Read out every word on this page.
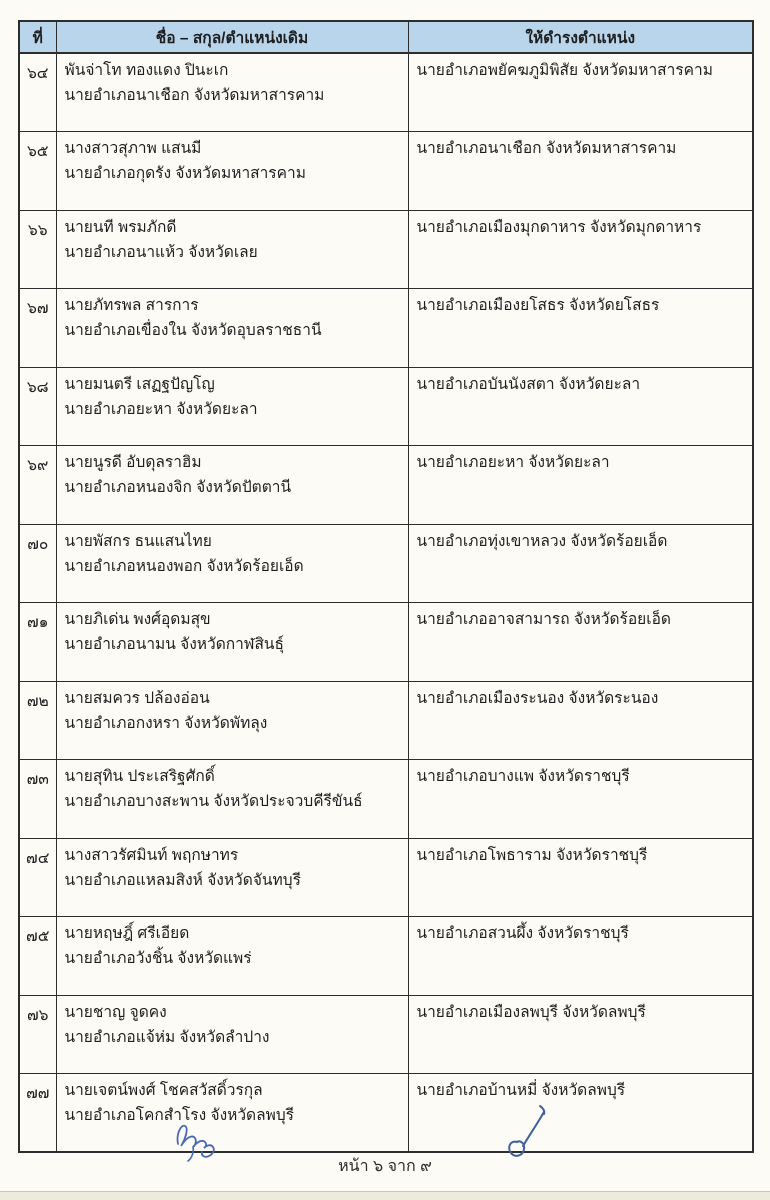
ที่	ชื่อ – สกุล/ตำแหน่งเดิม	ให้ดำรงตำแหน่ง
๖๔	พันจ่าโท ทองแดง ปินะเก
นายอำเภอนาเชือก จังหวัดมหาสารคาม	นายอำเภอพยัคฆภูมิพิสัย จังหวัดมหาสารคาม

๖๕	นางสาวสุภาพ แสนมี
นายอำเภอกุดรัง จังหวัดมหาสารคาม	นายอำเภอนาเชือก จังหวัดมหาสารคาม

๖๖	นายนที พรมภักดี
นายอำเภอนาแห้ว จังหวัดเลย	นายอำเภอเมืองมุกดาหาร จังหวัดมุกดาหาร

๖๗	นายภัทรพล สารการ
นายอำเภอเขื่องใน จังหวัดอุบลราชธานี	นายอำเภอเมืองยโสธร จังหวัดยโสธร

๖๘	นายมนตรี เสฏฐปัญโญ
นายอำเภอยะหา จังหวัดยะลา	นายอำเภอบันนังสตา จังหวัดยะลา

๖๙	นายนูรดี อับดุลราฮิม
นายอำเภอหนองจิก จังหวัดปัตตานี	นายอำเภอยะหา จังหวัดยะลา

๗๐	นายพัสกร ธนแสนไทย
นายอำเภอหนองพอก จังหวัดร้อยเอ็ด	นายอำเภอทุ่งเขาหลวง จังหวัดร้อยเอ็ด

๗๑	นายภิเด่น พงศ์อุดมสุข
นายอำเภอนามน จังหวัดกาฬสินธุ์	นายอำเภออาจสามารถ จังหวัดร้อยเอ็ด

๗๒	นายสมควร ปล้องอ่อน
นายอำเภอกงหรา จังหวัดพัทลุง	นายอำเภอเมืองระนอง จังหวัดระนอง

๗๓	นายสุทิน ประเสริฐศักดิ์
นายอำเภอบางสะพาน จังหวัดประจวบคีรีขันธ์	นายอำเภอบางแพ จังหวัดราชบุรี

๗๔	นางสาวรัศมินท์ พฤกษาทร
นายอำเภอแหลมสิงห์ จังหวัดจันทบุรี	นายอำเภอโพธาราม จังหวัดราชบุรี

๗๕	นายหฤษฎิ์ ศรีเอียด
นายอำเภอวังชิ้น จังหวัดแพร่	นายอำเภอสวนผึ้ง จังหวัดราชบุรี

๗๖	นายชาญ จูดคง
นายอำเภอแจ้ห่ม จังหวัดลำปาง	นายอำเภอเมืองลพบุรี จังหวัดลพบุรี

๗๗	นายเจตน์พงศ์ โชคสวัสดิ์วรกุล
นายอำเภอโคกสำโรง จังหวัดลพบุรี	นายอำเภอบ้านหมี่ จังหวัดลพบุรี
หน้า ๖ จาก ๙
